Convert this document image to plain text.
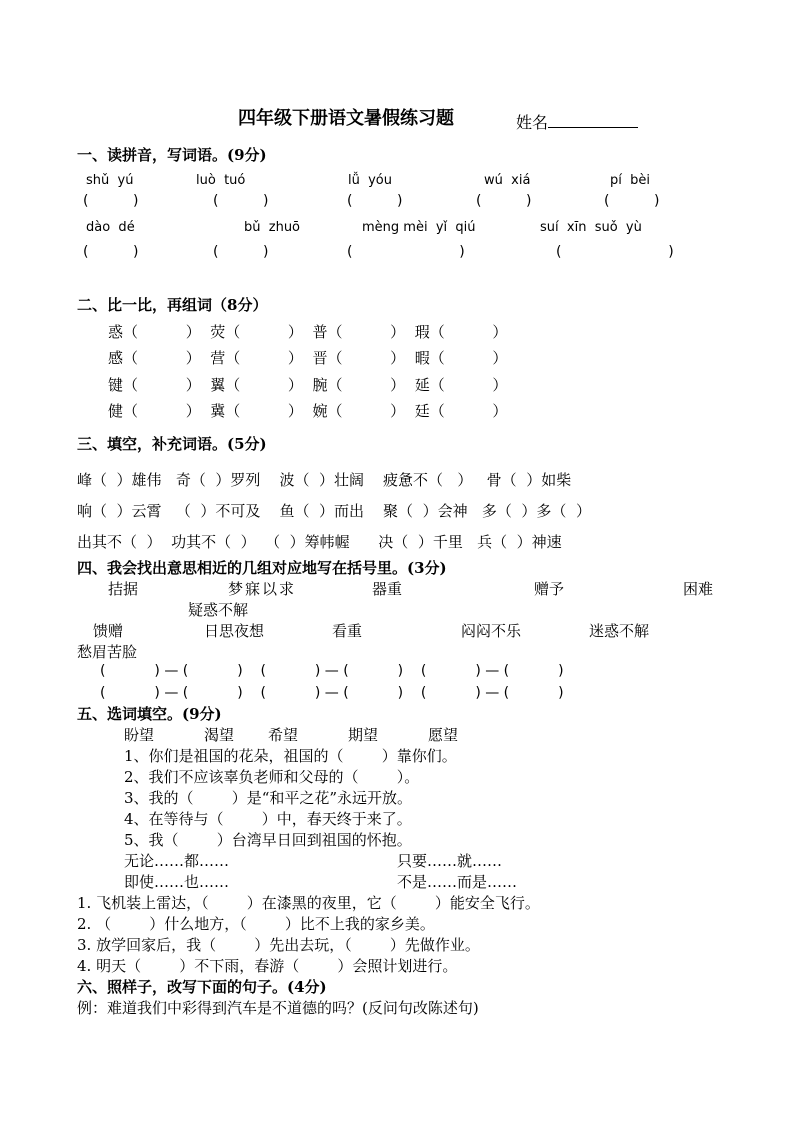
四年级下册语文暑假练习题	姓名
一、读拼音，写词语。(9分)
shǔ  yú	luò  tuó	lǚ  yóu	wú  xiá	pí  bèi
(          )	(          )	(          )	(          )	(          )
dào  dé	bǔ  zhuō	mèng mèi  yǐ  qiú	suí  xīn  suǒ  yù
(          )	(          )	(                        )	(                        )
二、比一比，再组词（8分）
惑（          ）  荧（          ）  普（          ）  瑕（          ）
感（          ）  营（          ）  晋（          ）  暇（          ）
键（          ）  翼（          ）  腕（          ）  延（          ）
健（          ）  冀（          ）  婉（          ）  廷（          ）
三、填空，补充词语。(5分)
峰（  ）雄伟   奇（  ）罗列    波（  ）壮阔    疲惫不（   ）   骨（  ）如柴
响（  ）云霄   （  ）不可及    鱼（  ）而出    聚（  ）会神   多（  ）多（  ）
出其不（  ）  功其不（  ）  （  ）筹帏幄      决（  ）千里   兵（  ）神速
四、我会找出意思相近的几组对应地写在括号里。(3分)
拮据	梦寐以求	器重	赠予	困难
疑惑不解
馈赠	日思夜想	看重	闷闷不乐	迷惑不解
愁眉苦脸
(           ) — (           )    (           ) — (           )    (           ) — (           )
(           ) — (           )    (           ) — (           )    (           ) — (           )
五、选词填空。(9分)
盼望	渴望 希望	期望	愿望
1、你们是祖国的花朵，祖国的（        ）靠你们。
2、我们不应该辜负老师和父母的（        ）。
3、我的（        ）是“和平之花”永远开放。
4、在等待与（        ）中，春天终于来了。
5、我（        ）台湾早日回到祖国的怀抱。
无论……都……	只要……就……
即使……也……	不是……而是……
1. 飞机装上雷达，（        ）在漆黑的夜里，它（        ）能安全飞行。
2. （        ）什么地方，（        ）比不上我的家乡美。
3. 放学回家后，我（        ）先出去玩，（        ）先做作业。
4. 明天（        ）不下雨，春游（        ）会照计划进行。
六、照样子，改写下面的句子。(4分)
例：难道我们中彩得到汽车是不道德的吗？(反问句改陈述句)
